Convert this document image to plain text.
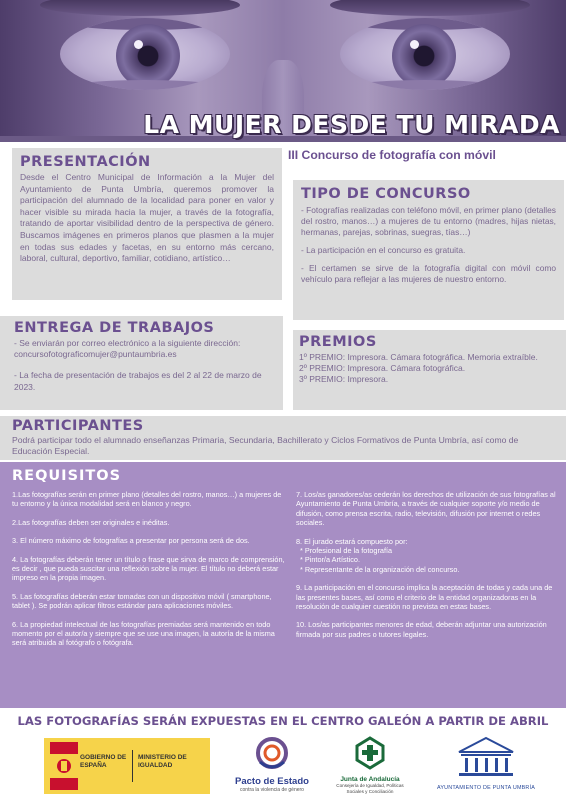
LA MUJER DESDE TU MIRADA
III Concurso de fotografía con móvil
PRESENTACIÓN

Desde el Centro Municipal de Información a la Mujer del Ayuntamiento de Punta Umbría, queremos promover la participación del alumnado de la localidad para poner en valor y hacer visible su mirada hacia la mujer, a través de la fotografía, tratando de aportar visibilidad dentro de la perspectiva de género. Buscamos imágenes en primeros planos que plasmen a la mujer en todas sus edades y facetas, en su entorno más cercano, laboral, cultural, deportivo, familiar, cotidiano, artístico…

TIPO DE CONCURSO

- Fotografías realizadas con teléfono móvil, en primer plano (detalles del rostro, manos…) a mujeres de tu entorno (madres, hijas nietas, hermanas, parejas, sobrinas, suegras, tías…)

- La participación en el concurso es gratuita.

- El certamen se sirve de la fotografía digital con móvil como vehículo para reflejar a las mujeres de nuestro entorno.

ENTREGA DE TRABAJOS

- Se enviarán por correo electrónico a la siguiente dirección:

concursofotograficomujer@puntaumbria.es

- La fecha de presentación de trabajos es del 2 al 22 de marzo de 2023.

PREMIOS

1º PREMIO: Impresora. Cámara fotográfica. Memoria extraíble.

2º PREMIO: Impresora. Cámara fotográfica.

3º PREMIO: Impresora.

PARTICIPANTES

Podrá participar todo el alumnado enseñanzas Primaria, Secundaria, Bachillerato y Ciclos Formativos de Punta Umbría, así como de Educación Especial.

REQUISITOS

1.Las fotografías serán en primer plano (detalles del rostro, manos…) a mujeres de tu entorno y la única modalidad será en blanco y negro.

2.Las fotografías deben ser originales e inéditas.

3. El número máximo de fotografías a presentar por persona será de dos.

4. La fotografías deberán tener un título o frase que sirva de marco de comprensión, es decir , que pueda suscitar una reflexión sobre la mujer. El título no deberá estar impreso en la propia imagen.

5. Las fotografías deberán estar tomadas con un dispositivo móvil ( smartphone, tablet ). Se podrán aplicar filtros estándar para aplicaciones móviles.

6. La propiedad intelectual de las fotografías premiadas será mantenido en todo momento por el autor/a y siempre que se use una imagen, la autoría de la misma será atribuida al fotógrafo o fotógrafa.

7. Los/as ganadores/as cederán los derechos de utilización de sus fotografías al Ayuntamiento de Punta Umbría, a través de cualquier soporte y/o medio de difusión, como prensa escrita, radio, televisión, difusión por internet o redes sociales.

8. El jurado estará compuesto por:

* Profesional de la fotografía

* Pintor/a Artístico.

* Representante de la organización del concurso.

9. La participación en el concurso implica la aceptación de todas y cada una de las presentes bases, así como el criterio de la entidad organizadoras en la resolución de cualquier cuestión no prevista en estas bases.

10. Los/as participantes menores de edad, deberán adjuntar una autorización firmada por sus padres o tutores legales.

LAS FOTOGRAFÍAS SERÁN EXPUESTAS EN EL CENTRO GALEÓN A PARTIR DE ABRIL
GOBIERNO DE ESPAÑA
MINISTERIO DE IGUALDAD
Pacto de Estado
contra la violencia de género
Junta de Andalucía
Consejería de Igualdad, Políticas Sociales y Conciliación	AYUNTAMIENTO DE PUNTA UMBRÍA
